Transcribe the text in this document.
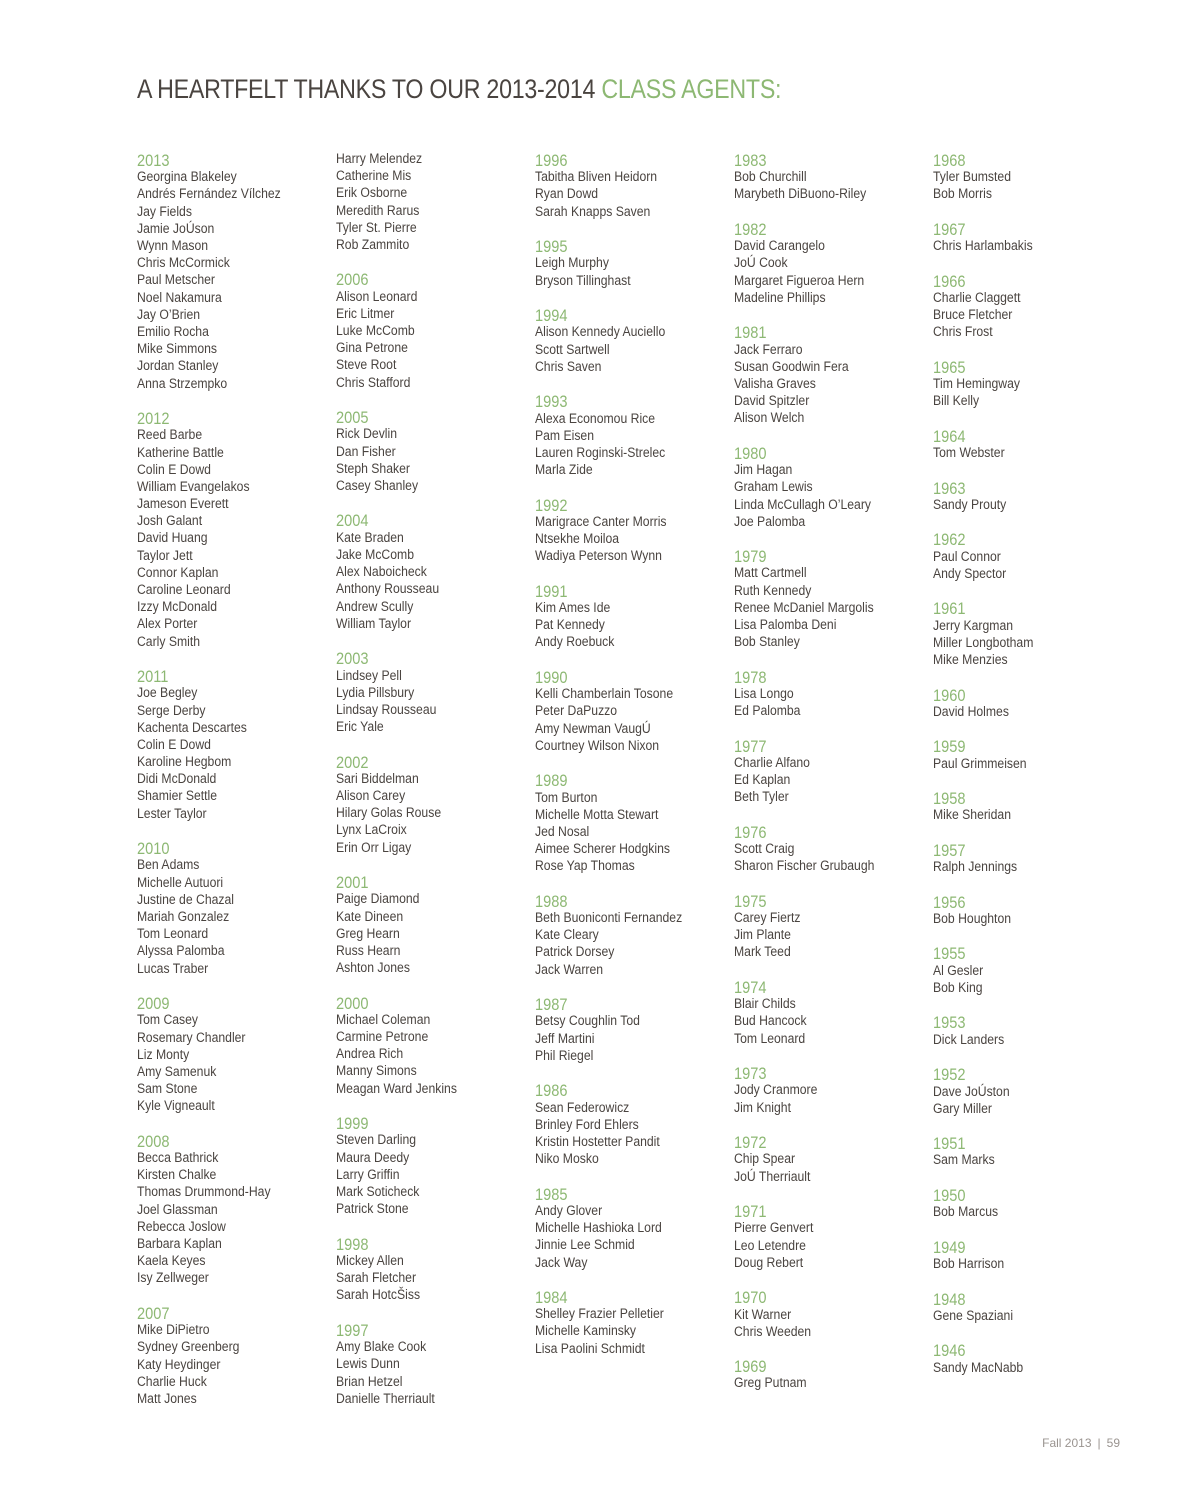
A HEARTFELT THANKS TO OUR 2013-2014 CLASS AGENTS:
2013
Georgina Blakeley
Andrés Fernández Vílchez
Jay Fields
Jamie JoÚson
Wynn Mason
Chris McCormick
Paul Metscher
Noel Nakamura
Jay O’Brien
Emilio Rocha
Mike Simmons
Jordan Stanley
Anna Strzempko
2012
Reed Barbe
Katherine Battle
Colin E Dowd
William Evangelakos
Jameson Everett
Josh Galant
David Huang
Taylor Jett
Connor Kaplan
Caroline Leonard
Izzy McDonald
Alex Porter
Carly Smith
2011
Joe Begley
Serge Derby
Kachenta Descartes
Colin E Dowd
Karoline Hegbom
Didi McDonald
Shamier Settle
Lester Taylor
2010
Ben Adams
Michelle Autuori
Justine de Chazal
Mariah Gonzalez
Tom Leonard
Alyssa Palomba
Lucas Traber
2009
Tom Casey
Rosemary Chandler
Liz Monty
Amy Samenuk
Sam Stone
Kyle Vigneault
2008
Becca Bathrick
Kirsten Chalke
Thomas Drummond-Hay
Joel Glassman
Rebecca Joslow
Barbara Kaplan
Kaela Keyes
Isy Zellweger
2007
Mike DiPietro
Sydney Greenberg
Katy Heydinger
Charlie Huck
Matt Jones
Harry Melendez
Catherine Mis
Erik Osborne
Meredith Rarus
Tyler St. Pierre
Rob Zammito
2006
Alison Leonard
Eric Litmer
Luke McComb
Gina Petrone
Steve Root
Chris Stafford
2005
Rick Devlin
Dan Fisher
Steph Shaker
Casey Shanley
2004
Kate Braden
Jake McComb
Alex Naboicheck
Anthony Rousseau
Andrew Scully
William Taylor
2003
Lindsey Pell
Lydia Pillsbury
Lindsay Rousseau
Eric Yale
2002
Sari Biddelman
Alison Carey
Hilary Golas Rouse
Lynx LaCroix
Erin Orr Ligay
2001
Paige Diamond
Kate Dineen
Greg Hearn
Russ Hearn
Ashton Jones
2000
Michael Coleman
Carmine Petrone
Andrea Rich
Manny Simons
Meagan Ward Jenkins
1999
Steven Darling
Maura Deedy
Larry Griffin
Mark Soticheck
Patrick Stone
1998
Mickey Allen
Sarah Fletcher
Sarah HotcŠiss
1997
Amy Blake Cook
Lewis Dunn
Brian Hetzel
Danielle Therriault
1996
Tabitha Bliven Heidorn
Ryan Dowd
Sarah Knapps Saven
1995
Leigh Murphy
Bryson Tillinghast
1994
Alison Kennedy Auciello
Scott Sartwell
Chris Saven
1993
Alexa Economou Rice
Pam Eisen
Lauren Roginski-Strelec
Marla Zide
1992
Marigrace Canter Morris
Ntsekhe Moiloa
Wadiya Peterson Wynn
1991
Kim Ames Ide
Pat Kennedy
Andy Roebuck
1990
Kelli Chamberlain Tosone
Peter DaPuzzo
Amy Newman VaugÚ
Courtney Wilson Nixon
1989
Tom Burton
Michelle Motta Stewart
Jed Nosal
Aimee Scherer Hodgkins
Rose Yap Thomas
1988
Beth Buoniconti Fernandez
Kate Cleary
Patrick Dorsey
Jack Warren
1987
Betsy Coughlin Tod
Jeff Martini
Phil Riegel
1986
Sean Federowicz
Brinley Ford Ehlers
Kristin Hostetter Pandit
Niko Mosko
1985
Andy Glover
Michelle Hashioka Lord
Jinnie Lee Schmid
Jack Way
1984
Shelley Frazier Pelletier
Michelle Kaminsky
Lisa Paolini Schmidt
1983
Bob Churchill
Marybeth DiBuono-Riley
1982
David Carangelo
JoÚ Cook
Margaret Figueroa Hern
Madeline Phillips
1981
Jack Ferraro
Susan Goodwin Fera
Valisha Graves
David Spitzler
Alison Welch
1980
Jim Hagan
Graham Lewis
Linda McCullagh O’Leary
Joe Palomba
1979
Matt Cartmell
Ruth Kennedy
Renee McDaniel Margolis
Lisa Palomba Deni
Bob Stanley
1978
Lisa Longo
Ed Palomba
1977
Charlie Alfano
Ed Kaplan
Beth Tyler
1976
Scott Craig
Sharon Fischer Grubaugh
1975
Carey Fiertz
Jim Plante
Mark Teed
1974
Blair Childs
Bud Hancock
Tom Leonard
1973
Jody Cranmore
Jim Knight
1972
Chip Spear
JoÚ Therriault
1971
Pierre Genvert
Leo Letendre
Doug Rebert
1970
Kit Warner
Chris Weeden
1969
Greg Putnam
1968
Tyler Bumsted
Bob Morris
1967
Chris Harlambakis
1966
Charlie Claggett
Bruce Fletcher
Chris Frost
1965
Tim Hemingway
Bill Kelly
1964
Tom Webster
1963
Sandy Prouty
1962
Paul Connor
Andy Spector
1961
Jerry Kargman
Miller Longbotham
Mike Menzies
1960
David Holmes
1959
Paul Grimmeisen
1958
Mike Sheridan
1957
Ralph Jennings
1956
Bob Houghton
1955
Al Gesler
Bob King
1953
Dick Landers
1952
Dave JoÚston
Gary Miller
1951
Sam Marks
1950
Bob Marcus
1949
Bob Harrison
1948
Gene Spaziani
1946
Sandy MacNabb
Fall 2013 | 59
